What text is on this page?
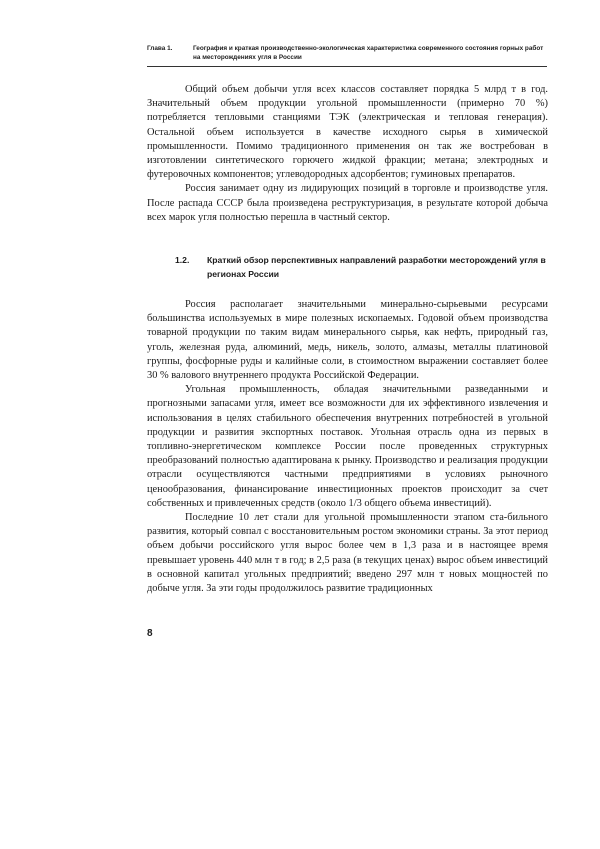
Глава 1.	География и краткая производственно-экологическая характеристика современного состояния горных работ на месторождениях угля в России

Общий объем добычи угля всех классов составляет порядка 5 млрд т в год. Значительный объем продукции угольной промышленности (примерно 70 %) потребляется тепловыми станциями ТЭК (электрическая и тепловая генерация). Остальной объем используется в качестве исходного сырья в химической промышленности. Помимо традиционного применения он так же востребован в изготовлении синтетического горючего жидкой фракции; метана; электродных и футеровочных компонентов; углеводородных адсорбентов; гуминовых препаратов.

Россия занимает одну из лидирующих позиций в торговле и производстве угля. После распада СССР была произведена реструктуризация, в результате которой добыча всех марок угля полностью перешла в частный сектор.

1.2. Краткий обзор перспективных направлений разработки месторождений угля в регионах России

Россия располагает значительными минерально-сырьевыми ресурсами большинства используемых в мире полезных ископаемых. Годовой объем производства товарной продукции по таким видам минерального сырья, как нефть, природный газ, уголь, железная руда, алюминий, медь, никель, золото, алмазы, металлы платиновой группы, фосфорные руды и калийные соли, в стоимостном выражении составляет более 30 % валового внутреннего продукта Российской Федерации.

Угольная промышленность, обладая значительными разведанными и прогнозными запасами угля, имеет все возможности для их эффективного извлечения и использования в целях стабильного обеспечения внутренних потребностей в угольной продукции и развития экспортных поставок. Угольная отрасль одна из первых в топливно-энергетическом комплексе России после проведенных структурных преобразований полностью адаптирована к рынку. Производство и реализация продукции отрасли осуществляются частными предприятиями в условиях рыночного ценообразования, финансирование инвестиционных проектов происходит за счет собственных и привлеченных средств (около 1/3 общего объема инвестиций).

Последние 10 лет стали для угольной промышленности этапом ста-бильного развития, который совпал с восстановительным ростом экономики страны. За этот период объем добычи российского угля вырос более чем в 1,3 раза и в настоящее время превышает уровень 440 млн т в год; в 2,5 раза (в текущих ценах) вырос объем инвестиций в основной капитал угольных предприятий; введено 297 млн т новых мощностей по добыче угля. За эти годы продолжилось развитие традиционных

8
